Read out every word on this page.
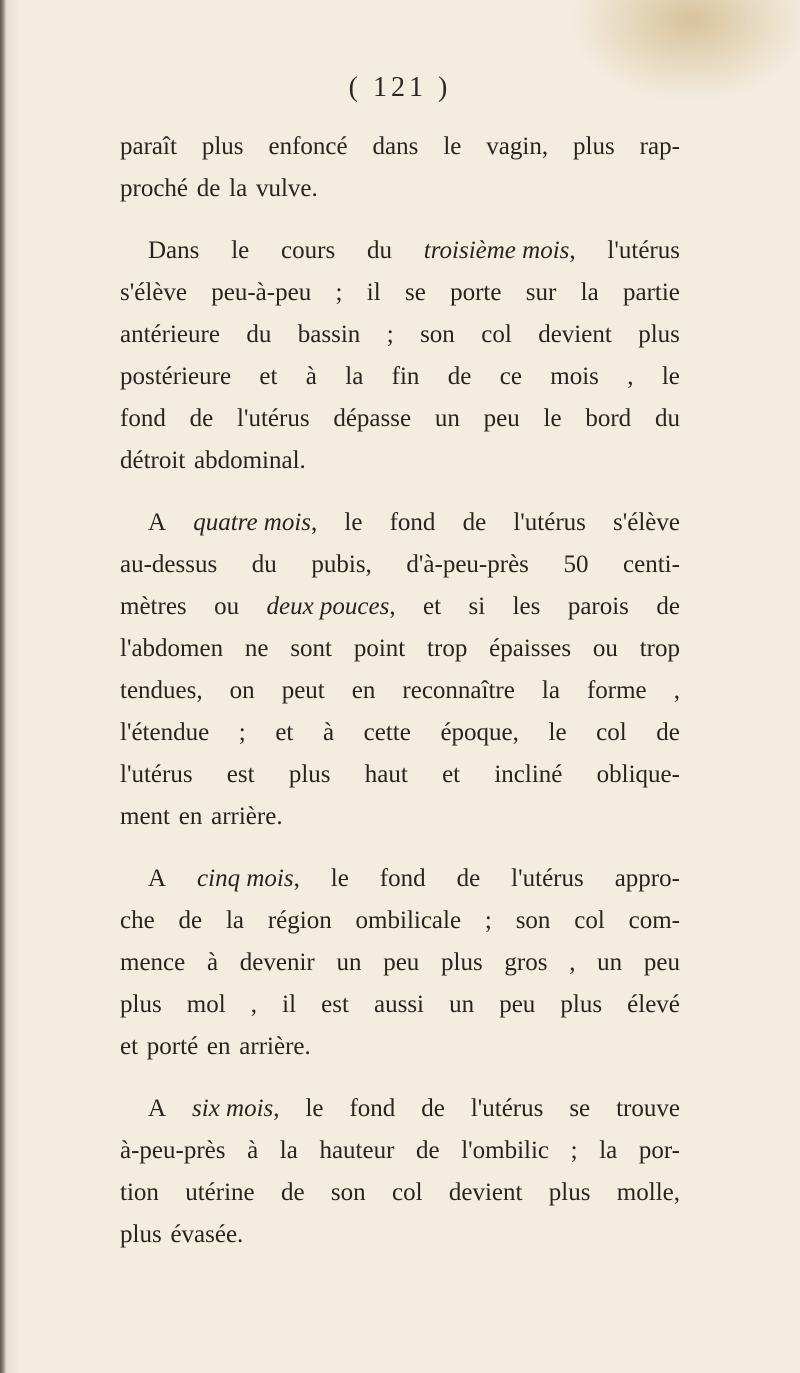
( 121 )
paraît plus enfoncé dans le vagin, plus rap-
proché de la vulve.
Dans le cours du troisième mois, l'utérus
s'élève peu-à-peu ; il se porte sur la partie
antérieure du bassin ; son col devient plus
postérieure et à la fin de ce mois , le
fond de l'utérus dépasse un peu le bord du
détroit abdominal.
A quatre mois, le fond de l'utérus s'élève
au-dessus du pubis, d'à-peu-près 50 centi-
mètres ou deux pouces, et si les parois de
l'abdomen ne sont point trop épaisses ou trop
tendues, on peut en reconnaître la forme ,
l'étendue ; et à cette époque, le col de
l'utérus est plus haut et incliné oblique-
ment en arrière.
A cinq mois, le fond de l'utérus appro-
che de la région ombilicale ; son col com-
mence à devenir un peu plus gros , un peu
plus mol , il est aussi un peu plus élevé
et porté en arrière.
A six mois, le fond de l'utérus se trouve
à-peu-près à la hauteur de l'ombilic ; la por-
tion utérine de son col devient plus molle,
plus évasée.
